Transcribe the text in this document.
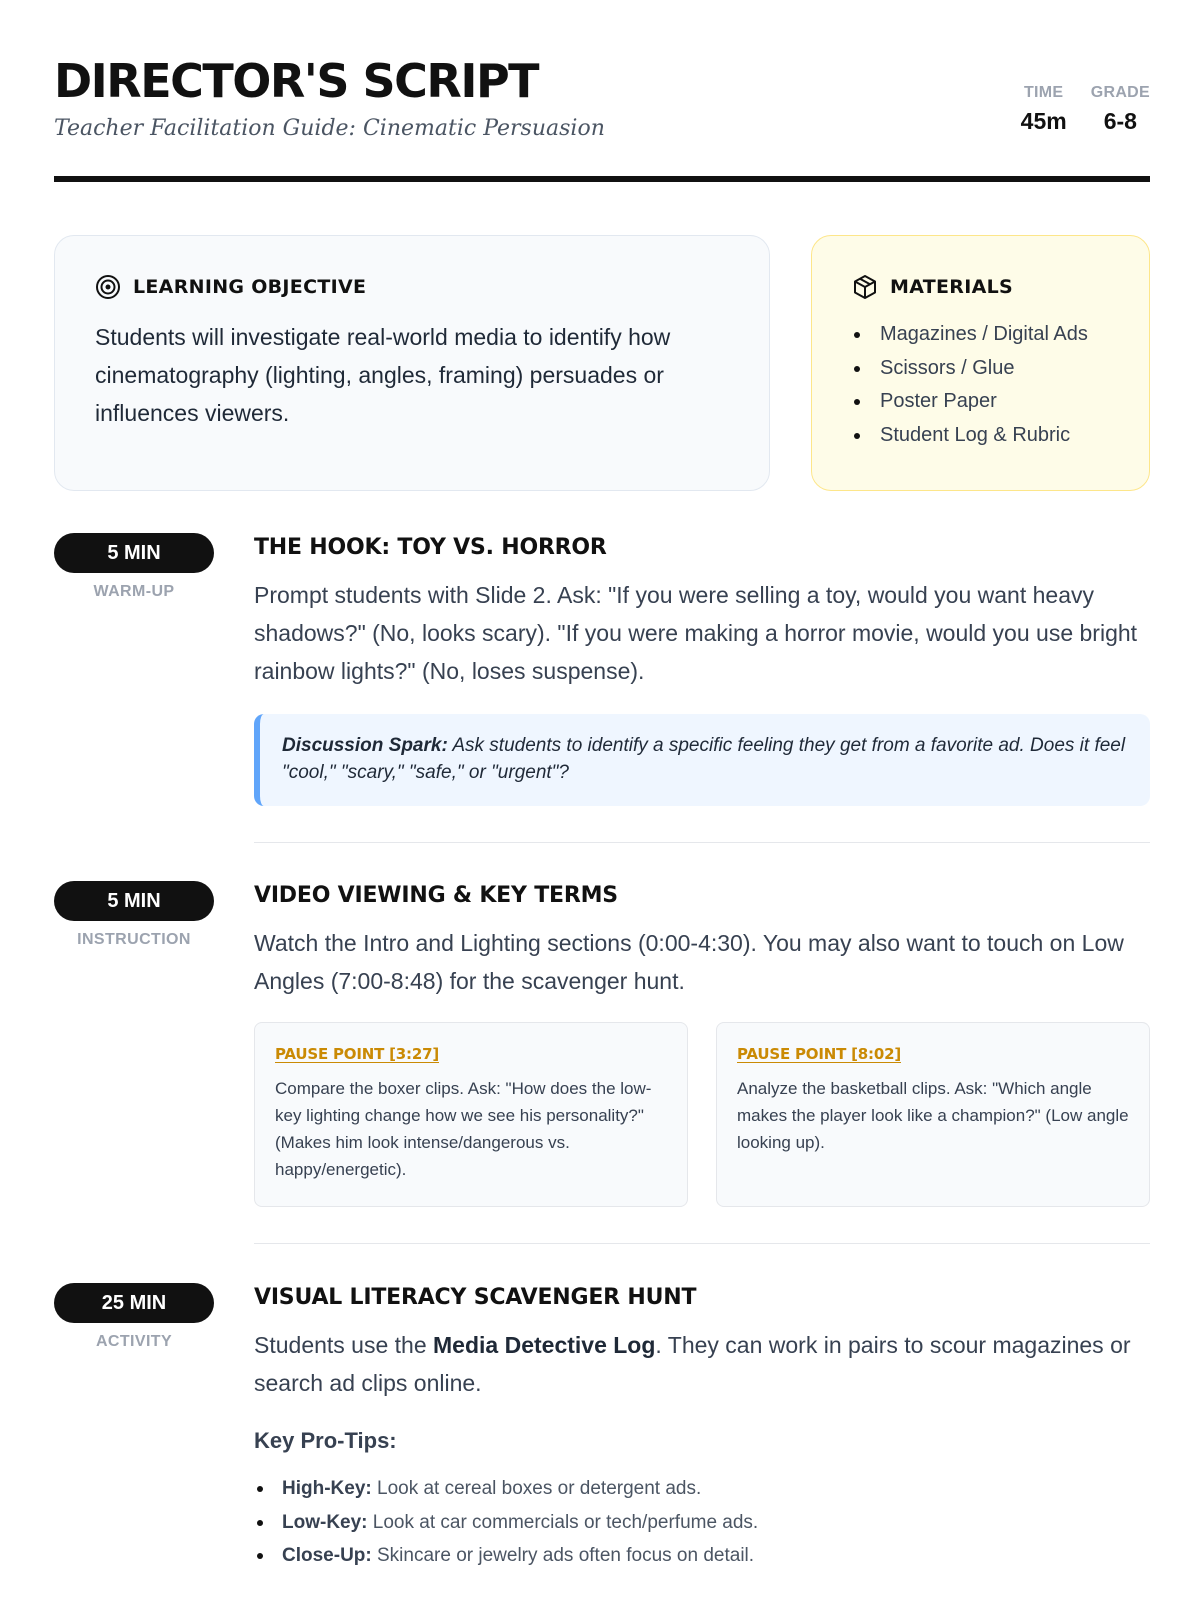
DIRECTOR'S SCRIPT
Teacher Facilitation Guide: Cinematic Persuasion
TIME
45m
GRADE
6-8
LEARNING OBJECTIVE

Students will investigate real-world media to identify how cinematography (lighting, angles, framing) persuades or influences viewers.

MATERIALS
Magazines / Digital Ads
Scissors / Glue
Poster Paper
Student Log & Rubric
5 MIN
WARM-UP
THE HOOK: TOY VS. HORROR

Prompt students with Slide 2. Ask: "If you were selling a toy, would you want heavy shadows?" (No, looks scary). "If you were making a horror movie, would you use bright rainbow lights?" (No, loses suspense).

Discussion Spark: Ask students to identify a specific feeling they get from a favorite ad. Does it feel "cool," "scary," "safe," or "urgent"?
5 MIN
INSTRUCTION
VIDEO VIEWING & KEY TERMS

Watch the Intro and Lighting sections (0:00-4:30). You may also want to touch on Low Angles (7:00-8:48) for the scavenger hunt.

PAUSE POINT [3:27]

Compare the boxer clips. Ask: "How does the low-key lighting change how we see his personality?" (Makes him look intense/dangerous vs. happy/energetic).

PAUSE POINT [8:02]

Analyze the basketball clips. Ask: "Which angle makes the player look like a champion?" (Low angle looking up).

25 MIN
ACTIVITY
VISUAL LITERACY SCAVENGER HUNT

Students use the Media Detective Log. They can work in pairs to scour magazines or search ad clips online.

Key Pro-Tips:
High-Key: Look at cereal boxes or detergent ads.
Low-Key: Look at car commercials or tech/perfume ads.
Close-Up: Skincare or jewelry ads often focus on detail.
